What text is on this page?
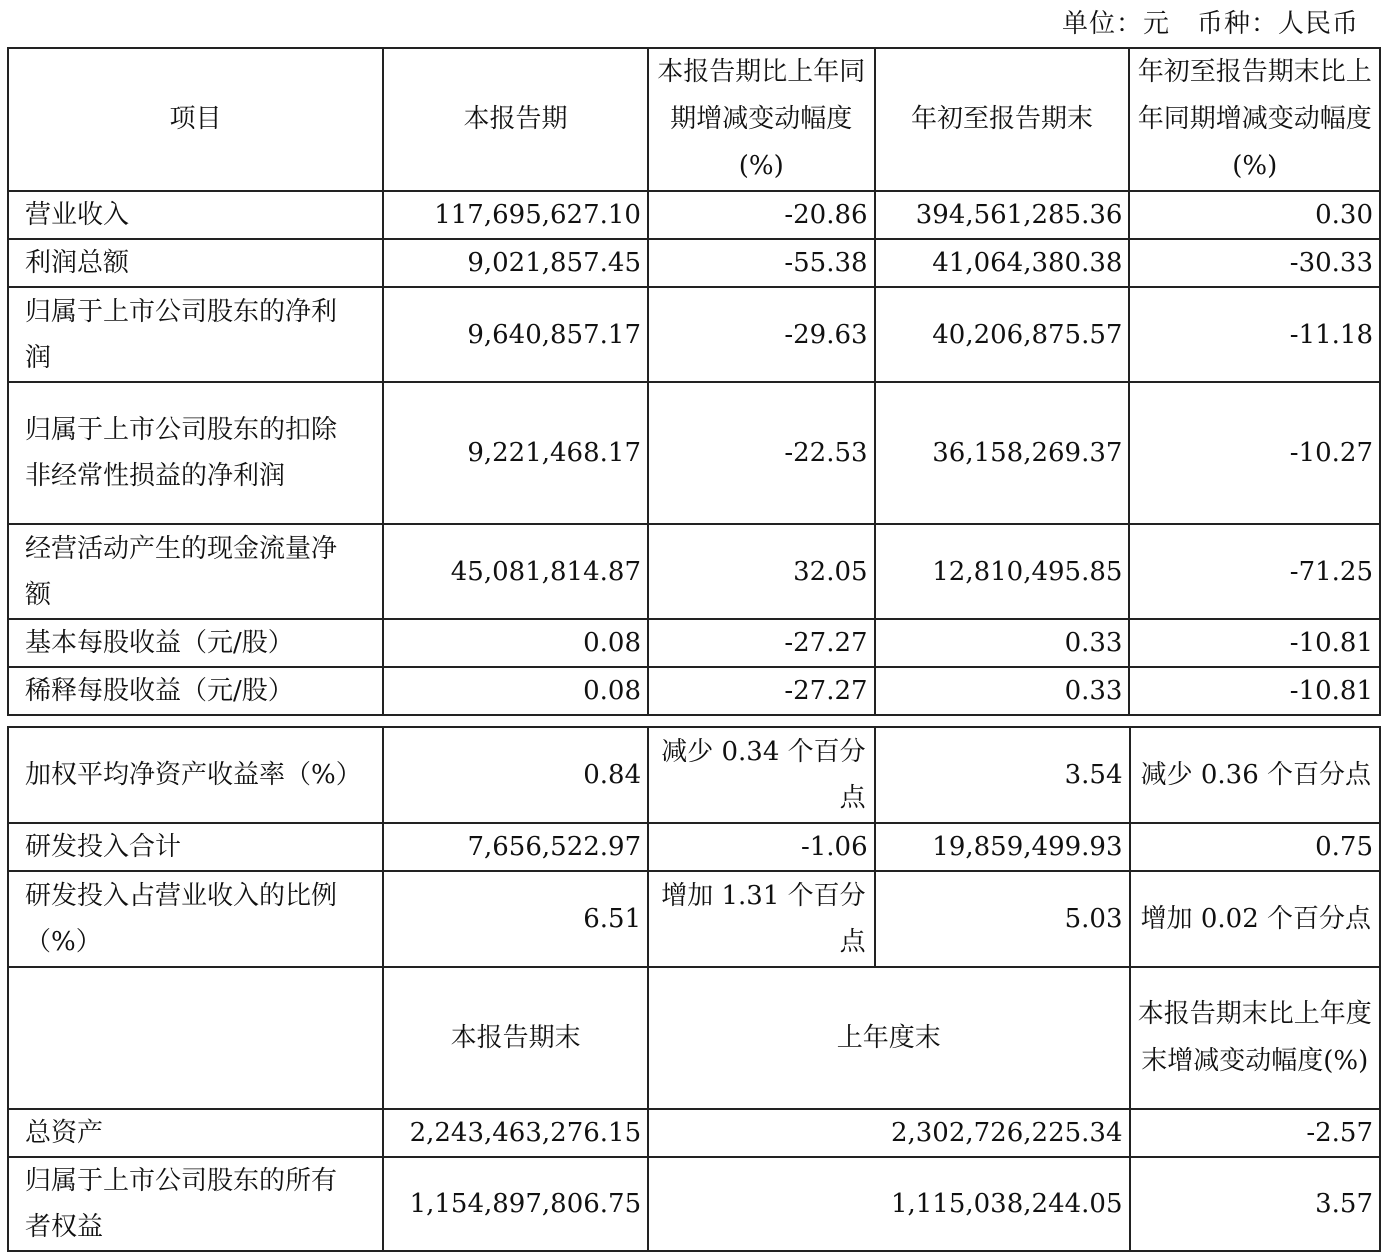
单位：元　币种：人民币
项目	本报告期	本报告期比上年同期增减变动幅度(%)	年初至报告期末	年初至报告期末比上年同期增减变动幅度(%)
营业收入	117,695,627.10	-20.86	394,561,285.36	0.30
利润总额	9,021,857.45	-55.38	41,064,380.38	-30.33
归属于上市公司股东的净利润	9,640,857.17	-29.63	40,206,875.57	-11.18
归属于上市公司股东的扣除非经常性损益的净利润	9,221,468.17	-22.53	36,158,269.37	-10.27
经营活动产生的现金流量净额	45,081,814.87	32.05	12,810,495.85	-71.25
基本每股收益（元/股）	0.08	-27.27	0.33	-10.81
稀释每股收益（元/股）	0.08	-27.27	0.33	-10.81
加权平均净资产收益率（%）	0.84	减少 0.34 个百分点	3.54	减少 0.36 个百分点
研发投入合计	7,656,522.97	-1.06	19,859,499.93	0.75
研发投入占营业收入的比例（%）	6.51	增加 1.31 个百分点	5.03	增加 0.02 个百分点
	本报告期末	上年度末		本报告期末比上年度末增减变动幅度(%)
总资产	2,243,463,276.15	2,302,726,225.34		-2.57
归属于上市公司股东的所有者权益	1,154,897,806.75	1,115,038,244.05		3.57
